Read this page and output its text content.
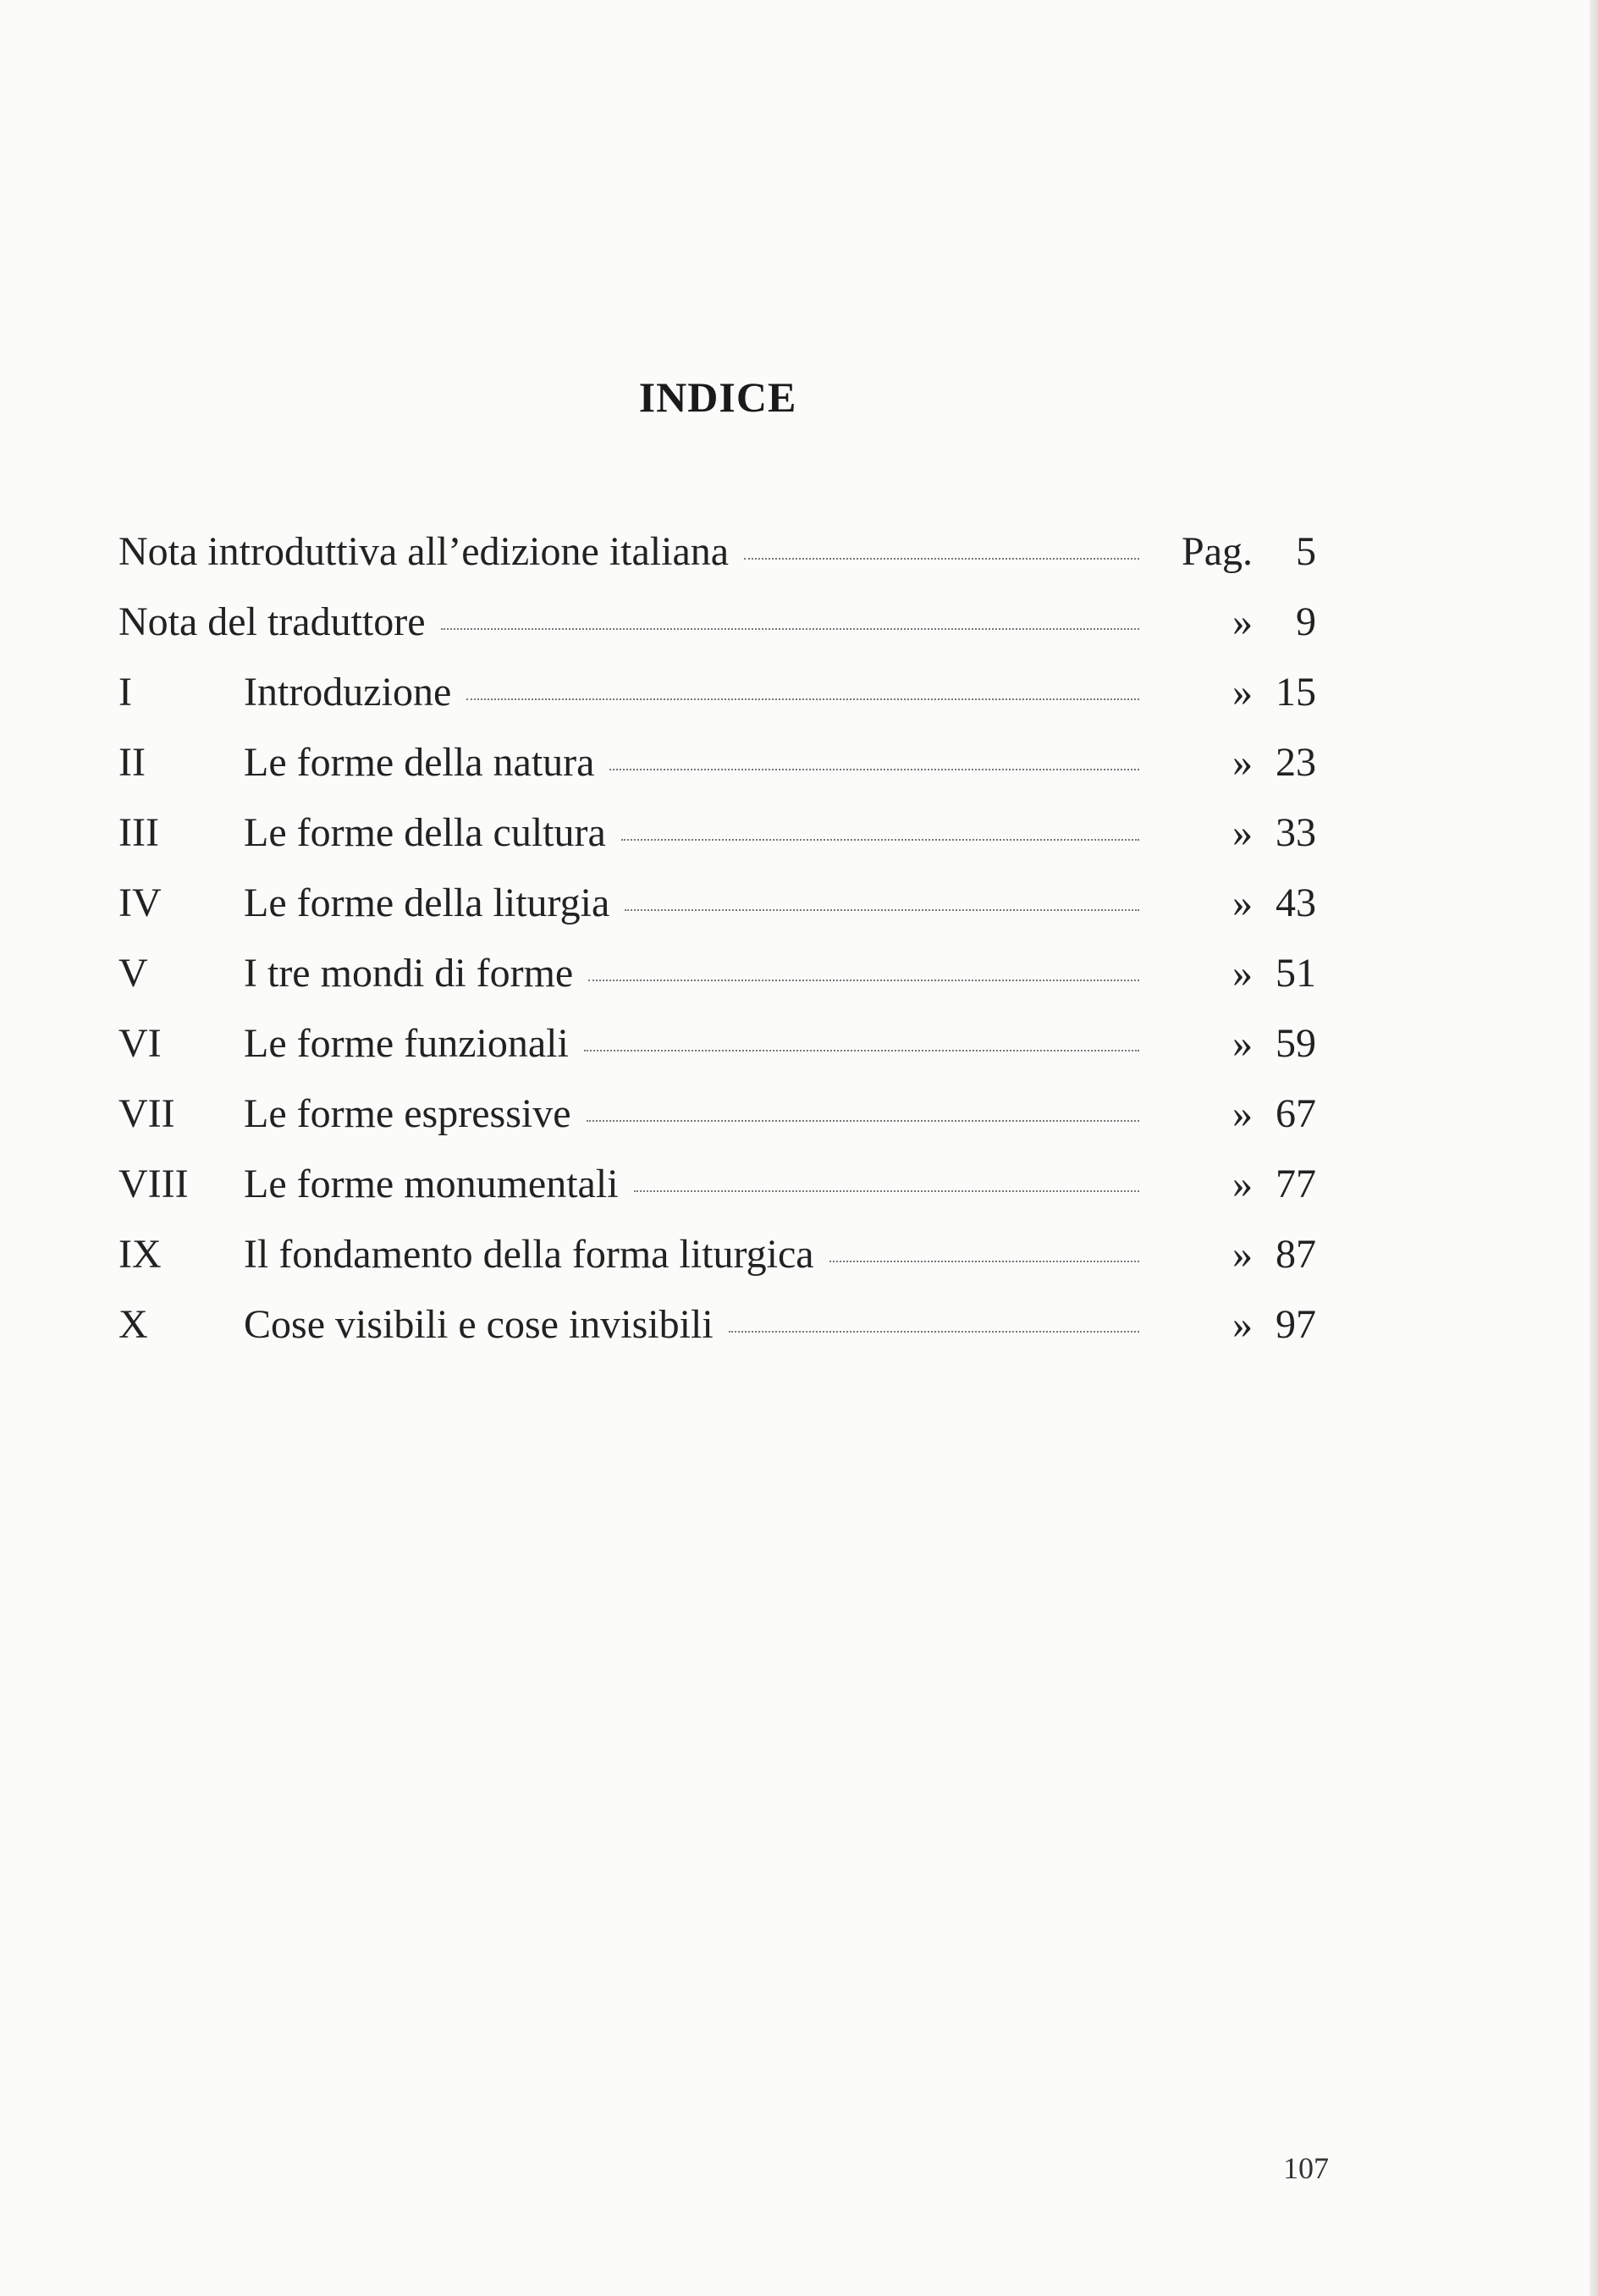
INDICE
Nota introduttiva all’edizione italiana	Pag.	5
Nota del traduttore	»	9
I	Introduzione	» 15
II	Le forme della natura	» 23
III	Le forme della cultura	» 33
IV	Le forme della liturgia	» 43
V	I tre mondi di forme	» 51
VI	Le forme funzionali	» 59
VII	Le forme espressive	» 67
VIII	Le forme monumentali	» 77
IX	Il fondamento della forma liturgica	» 87
X	Cose visibili e cose invisibili	» 97
107
